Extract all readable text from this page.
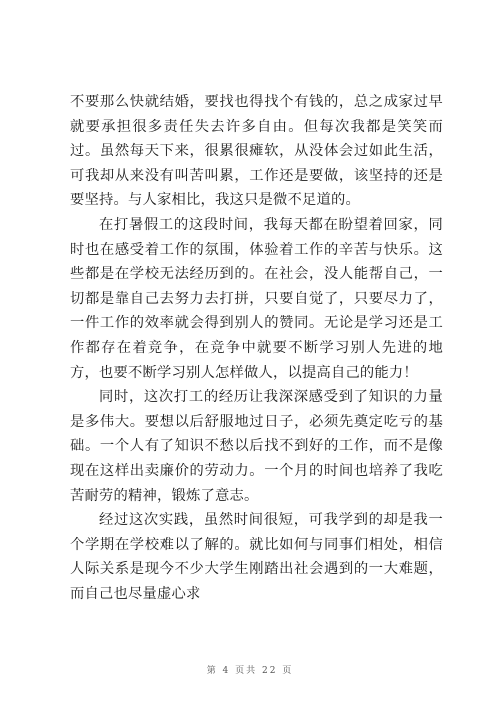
不要那么快就结婚，要找也得找个有钱的，总之成家过早就要承担很多责任失去许多自由。但每次我都是笑笑而过。虽然每天下来，很累很瘫软，从没体会过如此生活，可我却从来没有叫苦叫累，工作还是要做，该坚持的还是要坚持。与人家相比，我这只是微不足道的。

在打暑假工的这段时间，我每天都在盼望着回家，同时也在感受着工作的氛围，体验着工作的辛苦与快乐。这些都是在学校无法经历到的。在社会，没人能帮自己，一切都是靠自己去努力去打拼，只要自觉了，只要尽力了，一件工作的效率就会得到别人的赞同。无论是学习还是工作都存在着竞争，在竞争中就要不断学习别人先进的地方，也要不断学习别人怎样做人，以提高自己的能力！

同时，这次打工的经历让我深深感受到了知识的力量是多伟大。要想以后舒服地过日子，必须先奠定吃亏的基础。一个人有了知识不愁以后找不到好的工作，而不是像现在这样出卖廉价的劳动力。一个月的时间也培养了我吃苦耐劳的精神，锻炼了意志。

经过这次实践，虽然时间很短，可我学到的却是我一个学期在学校难以了解的。就比如何与同事们相处，相信人际关系是现今不少大学生刚踏出社会遇到的一大难题，而自己也尽量虚心求

第 4 页共 22 页
